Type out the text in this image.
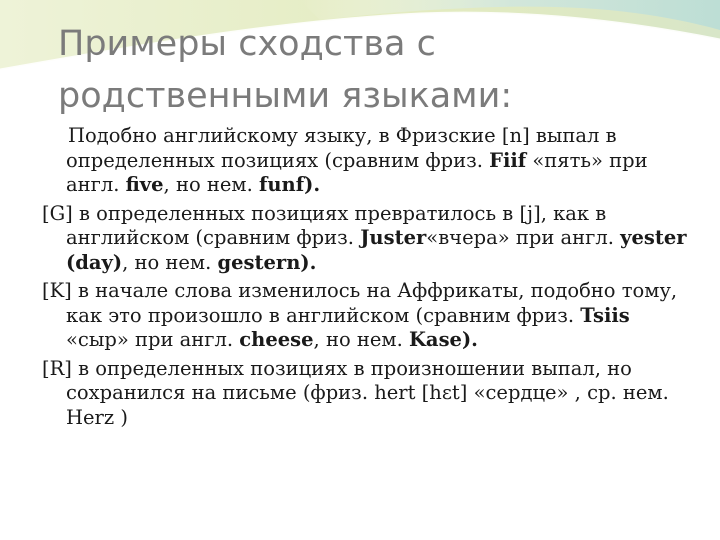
Примеры сходства с
родственными языками:

Подобно английскому языку, в Фризские [n] выпал в определенных позициях (сравним фриз. Fiif «пять» при англ. five, но нем. funf).

[G] в определенных позициях превратилось в [j], как в английском (сравним фриз. Juster«вчера» при англ. yester (day), но нем. gestern).

[K] в начале слова изменилось на Аффрикаты, подобно тому, как это произошло в английском (сравним фриз. Tsiis «сыр» при англ. cheese, но нем. Kase).

[R] в определенных позициях в произношении выпал, но сохранился на письме (фриз. hert [hɛt] «сердце» , ср. нем. Herz )
